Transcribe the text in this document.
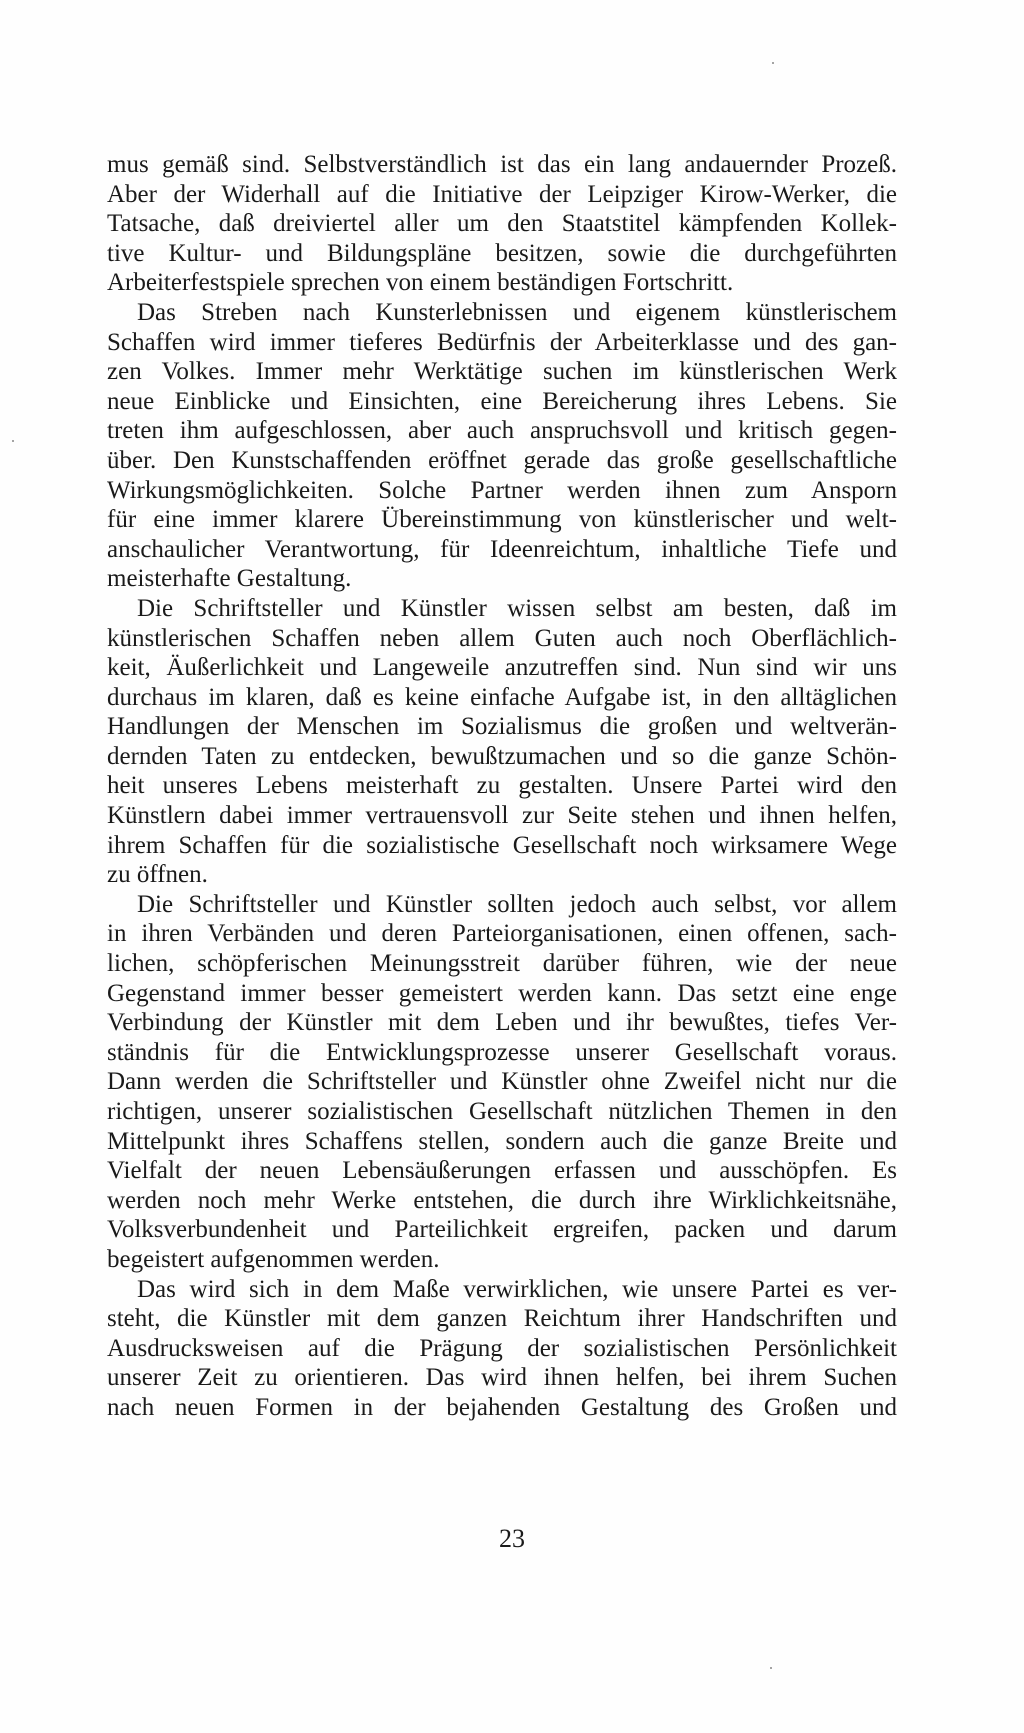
mus gemäß sind. Selbstverständlich ist das ein lang andauernder Prozeß.
Aber der Widerhall auf die Initiative der Leipziger Kirow-Werker, die
Tatsache, daß dreiviertel aller um den Staatstitel kämpfenden Kollek-
tive Kultur- und Bildungspläne besitzen, sowie die durchgeführten
Arbeiterfestspiele sprechen von einem beständigen Fortschritt.
Das Streben nach Kunsterlebnissen und eigenem künstlerischem
Schaffen wird immer tieferes Bedürfnis der Arbeiterklasse und des gan-
zen Volkes. Immer mehr Werktätige suchen im künstlerischen Werk
neue Einblicke und Einsichten, eine Bereicherung ihres Lebens. Sie
treten ihm aufgeschlossen, aber auch anspruchsvoll und kritisch gegen-
über. Den Kunstschaffenden eröffnet gerade das große gesellschaftliche
Wirkungsmöglichkeiten. Solche Partner werden ihnen zum Ansporn
für eine immer klarere Übereinstimmung von künstlerischer und welt-
anschaulicher Verantwortung, für Ideenreichtum, inhaltliche Tiefe und
meisterhafte Gestaltung.
Die Schriftsteller und Künstler wissen selbst am besten, daß im
künstlerischen Schaffen neben allem Guten auch noch Oberflächlich-
keit, Äußerlichkeit und Langeweile anzutreffen sind. Nun sind wir uns
durchaus im klaren, daß es keine einfache Aufgabe ist, in den alltäglichen
Handlungen der Menschen im Sozialismus die großen und weltverän-
dernden Taten zu entdecken, bewußtzumachen und so die ganze Schön-
heit unseres Lebens meisterhaft zu gestalten. Unsere Partei wird den
Künstlern dabei immer vertrauensvoll zur Seite stehen und ihnen helfen,
ihrem Schaffen für die sozialistische Gesellschaft noch wirksamere Wege
zu öffnen.
Die Schriftsteller und Künstler sollten jedoch auch selbst, vor allem
in ihren Verbänden und deren Parteiorganisationen, einen offenen, sach-
lichen, schöpferischen Meinungsstreit darüber führen, wie der neue
Gegenstand immer besser gemeistert werden kann. Das setzt eine enge
Verbindung der Künstler mit dem Leben und ihr bewußtes, tiefes Ver-
ständnis für die Entwicklungsprozesse unserer Gesellschaft voraus.
Dann werden die Schriftsteller und Künstler ohne Zweifel nicht nur die
richtigen, unserer sozialistischen Gesellschaft nützlichen Themen in den
Mittelpunkt ihres Schaffens stellen, sondern auch die ganze Breite und
Vielfalt der neuen Lebensäußerungen erfassen und ausschöpfen. Es
werden noch mehr Werke entstehen, die durch ihre Wirklichkeitsnähe,
Volksverbundenheit und Parteilichkeit ergreifen, packen und darum
begeistert aufgenommen werden.
Das wird sich in dem Maße verwirklichen, wie unsere Partei es ver-
steht, die Künstler mit dem ganzen Reichtum ihrer Handschriften und
Ausdrucksweisen auf die Prägung der sozialistischen Persönlichkeit
unserer Zeit zu orientieren. Das wird ihnen helfen, bei ihrem Suchen
nach neuen Formen in der bejahenden Gestaltung des Großen und
23
